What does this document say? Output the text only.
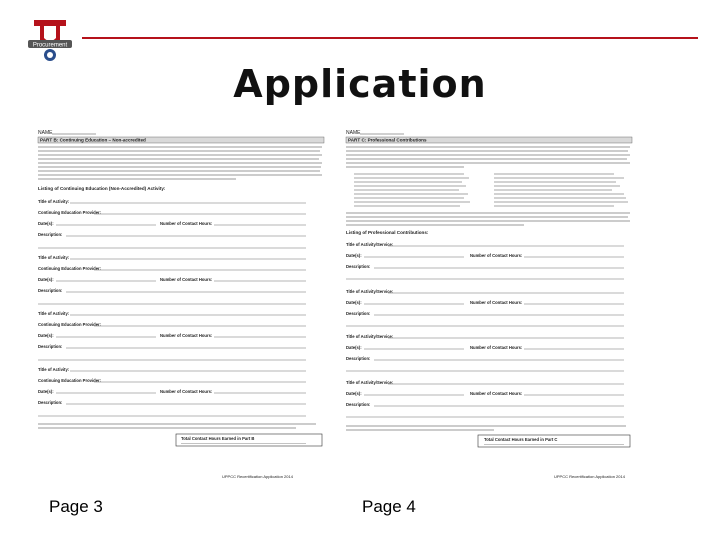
Procurement
Application
NAME
PART B: Continuing Education – Non-accredited
Listing of Continuing Education (Non-Accredited) Activity:
Title of Activity:
Continuing Education Provider:
Date(s):	Number of Contact Hours:
Description:
Title of Activity:
Continuing Education Provider:
Date(s):	Number of Contact Hours:
Description:
Title of Activity:
Continuing Education Provider:
Date(s):	Number of Contact Hours:
Description:
Title of Activity:
Continuing Education Provider:
Date(s):	Number of Contact Hours:
Description:
Total Contact Hours Earned in Part B
UPPCC Recertification Application 2014
NAME
PART C: Professional Contributions
Listing of Professional Contributions:
Title of Activity/Service:
Date(s):	Number of Contact Hours:
Description:
Title of Activity/Service:
Date(s):	Number of Contact Hours:
Description:
Title of Activity/Service:
Date(s):	Number of Contact Hours:
Description:
Title of Activity/Service:
Date(s):	Number of Contact Hours:
Description:
Total Contact Hours Earned in Part C
UPPCC Recertification Application 2014
Page 3	Page 4
